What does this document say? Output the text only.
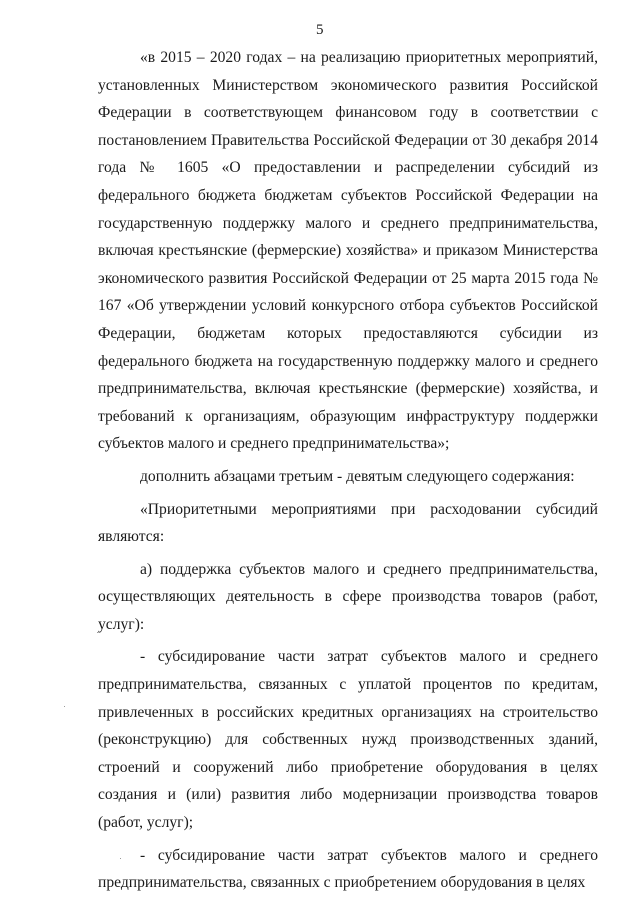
5

«в 2015 – 2020 годах – на реализацию приоритетных мероприятий, установленных Министерством экономического развития Российской Федерации в соответствующем финансовом году в соответствии с постановлением Правительства Российской Федерации от 30 декабря 2014 года № 1605 «О предоставлении и распределении субсидий из федерального бюджета бюджетам субъектов Российской Федерации на государственную поддержку малого и среднего предпринимательства, включая крестьянские (фермерские) хозяйства» и приказом Министерства экономического развития Российской Федерации от 25 марта 2015 года № 167 «Об утверждении условий конкурсного отбора субъектов Российской Федерации, бюджетам которых предоставляются субсидии из федерального бюджета на государственную поддержку малого и среднего предпринимательства, включая крестьянские (фермерские) хозяйства, и требований к организациям, образующим инфраструктуру поддержки субъектов малого и среднего предпринимательства»;

дополнить абзацами третьим - девятым следующего содержания:

«Приоритетными мероприятиями при расходовании субсидий являются:

а) поддержка субъектов малого и среднего предпринимательства, осуществляющих деятельность в сфере производства товаров (работ, услуг):

- субсидирование части затрат субъектов малого и среднего предпринимательства, связанных с уплатой процентов по кредитам, привлеченных в российских кредитных организациях на строительство (реконструкцию) для собственных нужд производственных зданий, строений и сооружений либо приобретение оборудования в целях создания и (или) развития либо модернизации производства товаров (работ, услуг);

- субсидирование части затрат субъектов малого и среднего предпринимательства, связанных с приобретением оборудования в целях
